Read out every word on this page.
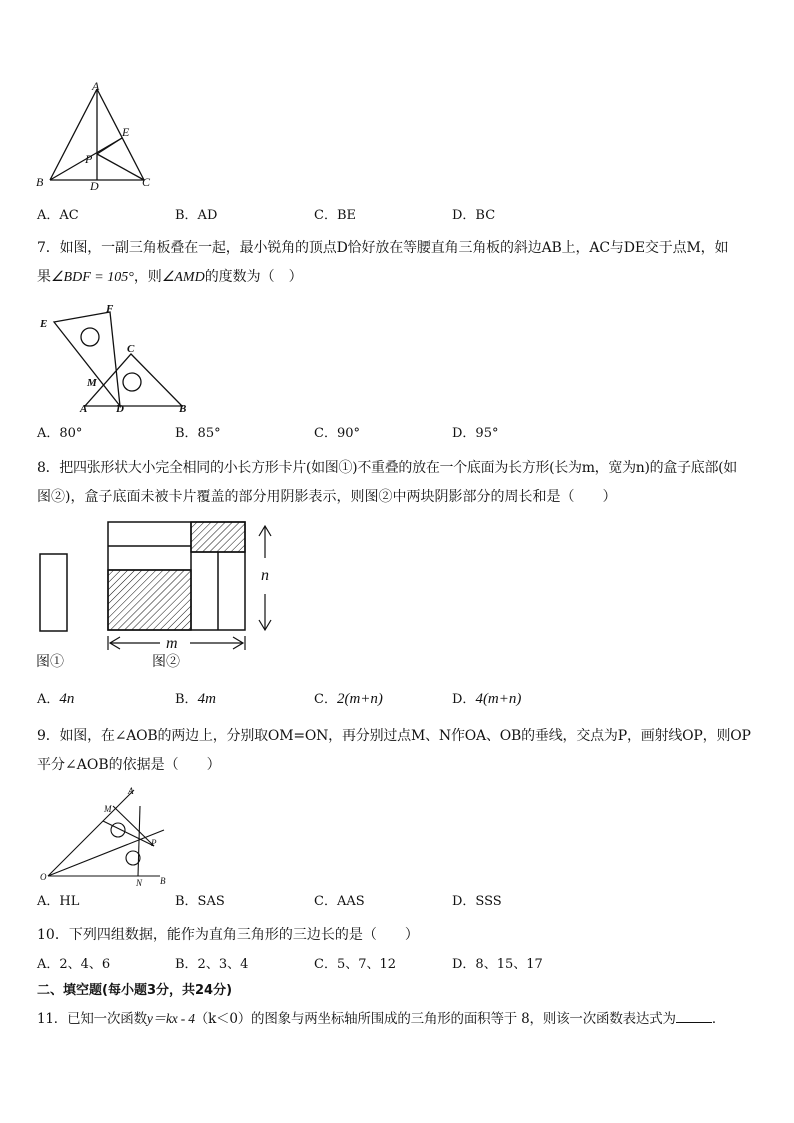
A
E
P
B	D	C
A．AC	B．AD	C．BE	D．BC
7．如图，一副三角板叠在一起，最小锐角的顶点D恰好放在等腰直角三角板的斜边AB上，AC与DE交于点M，如
果∠BDF = 105°，则∠AMD的度数为（　）
E
F
C
M
A	D	B
A．80°	B．85°	C．90°	D．95°
8．把四张形状大小完全相同的小长方形卡片(如图①)不重叠的放在一个底面为长方形(长为m，宽为n)的盒子底部(如
图②)，盒子底面未被卡片覆盖的部分用阴影表示，则图②中两块阴影部分的周长和是（　　）
n
m
图①	图②
A．4n	B．4m	C．2(m+n)	D．4(m+n)
9．如图，在∠AOB的两边上，分别取OM=ON，再分别过点M、N作OA、OB的垂线，交点为P，画射线OP，则OP
平分∠AOB的依据是（　　）
A
M
P
O
N B
A．HL	B．SAS	C．AAS	D．SSS
10．下列四组数据，能作为直角三角形的三边长的是（　　）
A．2、4、6	B．2、3、4	C．5、7、12	D．8、15、17
二、填空题(每小题3分，共24分)
11．已知一次函数y＝kx - 4（k＜0）的图象与两坐标轴所围成的三角形的面积等于 8，则该一次函数表达式为	．
